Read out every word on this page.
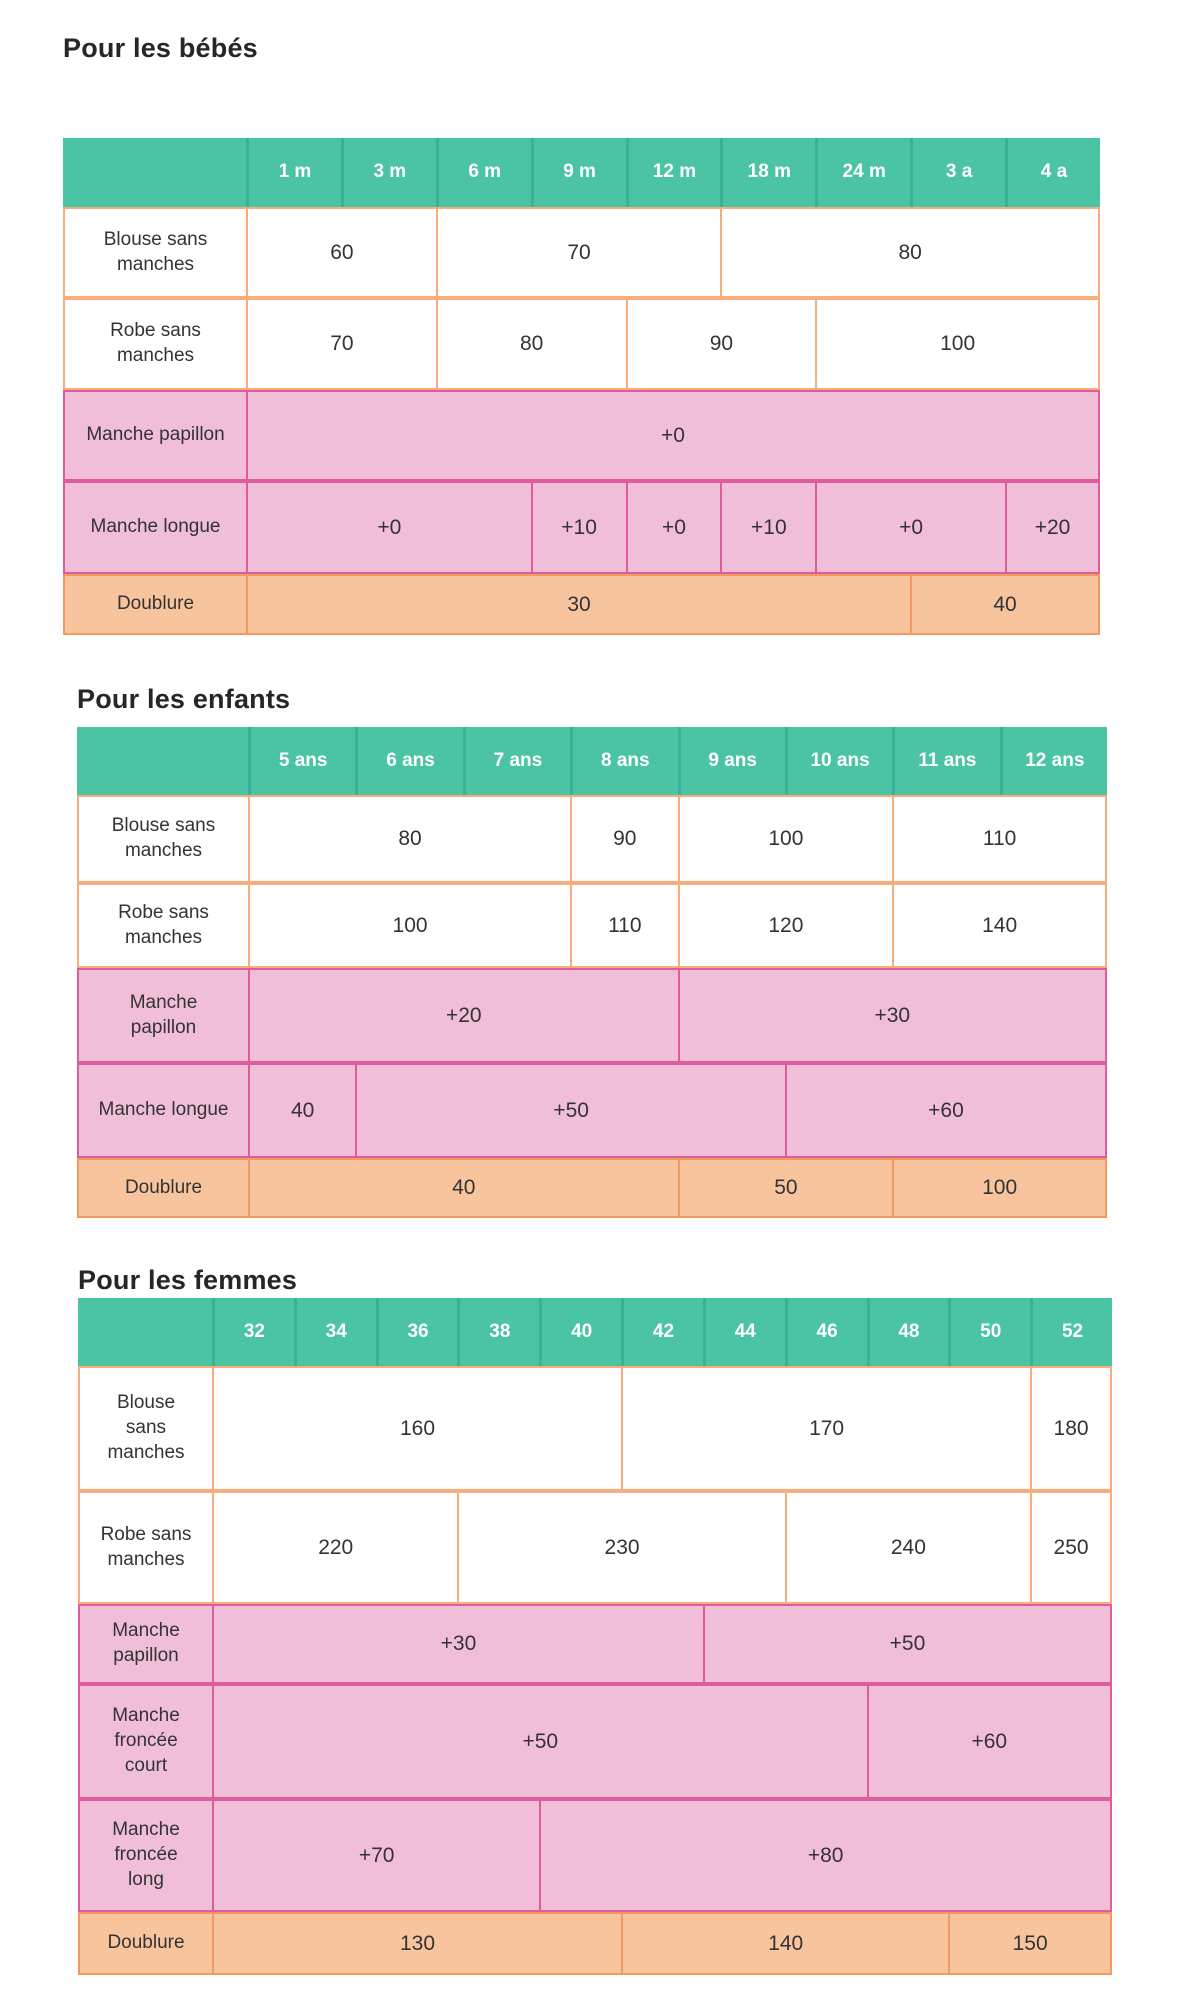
Pour les bébés
	1 m	3 m	6 m	9 m	12 m	18 m	24 m	3 a	4 a
Blouse sans manches	60		70			80			
Robe sans manches	70		80		90		100		
Manche papillon	+0								
Manche longue	+0			+10	+0	+10	+0		+20
Doublure	30							40	
Pour les enfants
	5 ans	6 ans	7 ans	8 ans	9 ans	10 ans	11 ans	12 ans
Blouse sans manches	80			90	100		110	
Robe sans manches	100			110	120		140	
Manche papillon	+20				+30			
Manche longue	40	+50				+60		
Doublure	40				50		100	
Pour les femmes
	32	34	36	38	40	42	44	46	48	50	52
Blouse sans manches	160					170					180
Robe sans manches	220			230				240			250
Manche papillon	+30						+50				
Manche froncée court	+50								+60		
Manche froncée long	+70				+80						
Doublure	130					140				150	
